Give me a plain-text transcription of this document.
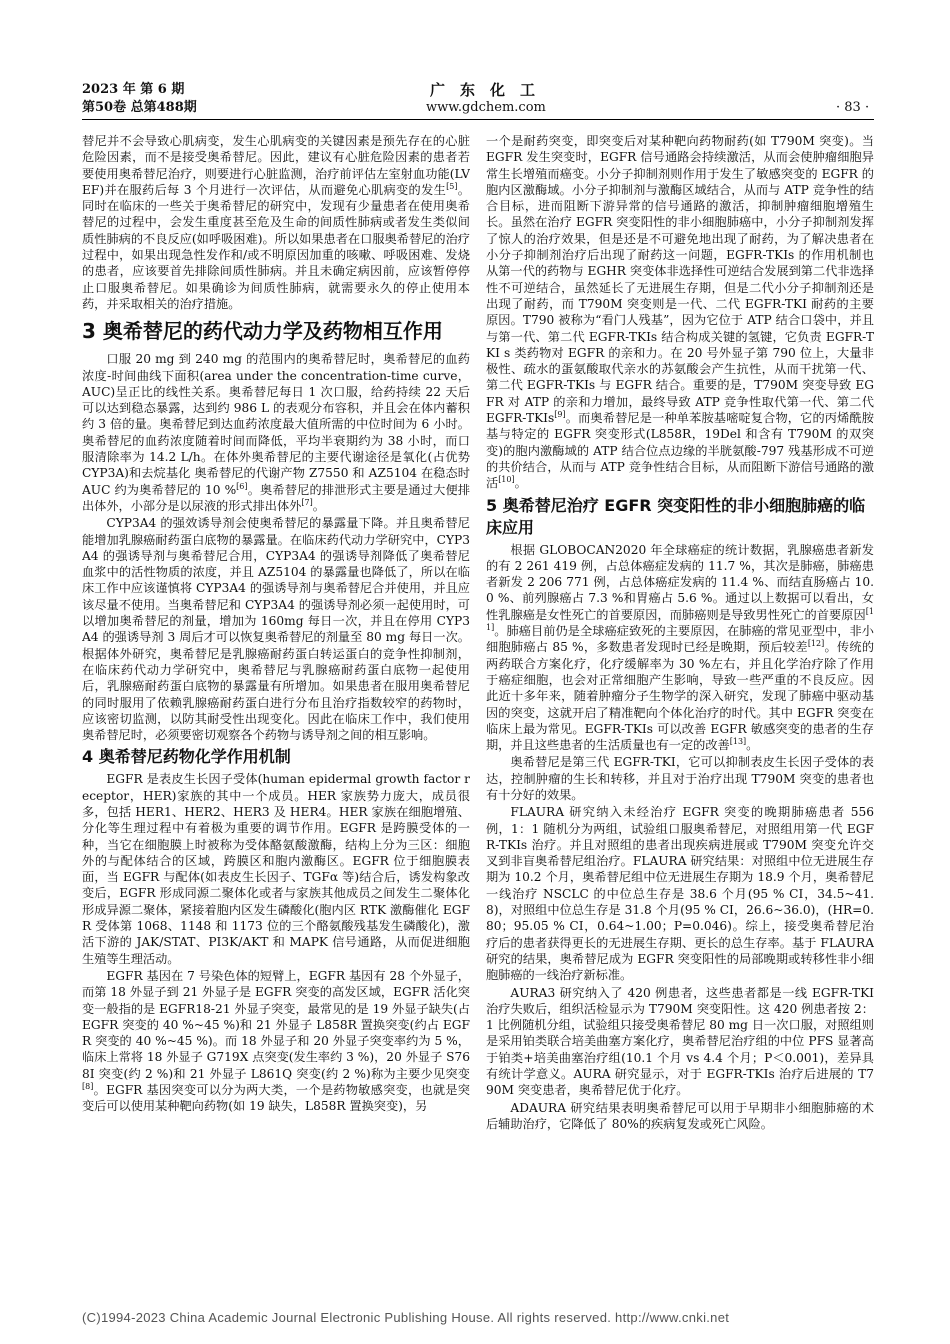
2023 年 第 6 期
第50卷 总第488期
广　东　化　工
www.gdchem.com	· 83 ·

替尼并不会导致心肌病变，发生心肌病变的关键因素是预先存在的心脏危险因素，而不是接受奥希替尼。因此，建议有心脏危险因素的患者若要使用奥希替尼治疗，则要进行心脏监测，治疗前评估左室射血功能(LVEF)并在服药后每 3 个月进行一次评估，从而避免心肌病变的发生[5]。同时在临床的一些关于奥希替尼的研究中，发现有少量患者在使用奥希替尼的过程中，会发生重度甚至危及生命的间质性肺病或者发生类似间质性肺病的不良反应(如呼吸困难)。所以如果患者在口服奥希替尼的治疗过程中，如果出现急性发作和/或不明原因加重的咳嗽、呼吸困难、发烧的患者，应该要首先排除间质性肺病。并且未确定病因前，应该暂停停止口服奥希替尼。如果确诊为间质性肺病，就需要永久的停止使用本药，并采取相关的治疗措施。

3 奥希替尼的药代动力学及药物相互作用

口服 20 mg 到 240 mg 的范围内的奥希替尼时，奥希替尼的血药浓度-时间曲线下面积(area under the concentration-time curve，AUC)呈正比的线性关系。奥希替尼每日 1 次口服，给药持续 22 天后可以达到稳态暴露，达到约 986 L 的表观分布容积，并且会在体内蓄积约 3 倍的量。奥希替尼到达血药浓度最大值所需的中位时间为 6 小时。奥希替尼的血药浓度随着时间而降低，平均半衰期约为 38 小时，而口服清除率为 14.2 L/h。在体外奥希替尼的主要代谢途径是氧化(占优势 CYP3A)和去烷基化 奥希替尼的代谢产物 Z7550 和 AZ5104 在稳态时 AUC 约为奥希替尼的 10 %[6]。奥希替尼的排泄形式主要是通过大便排出体外，小部分是以尿液的形式排出体外[7]。

CYP3A4 的强效诱导剂会使奥希替尼的暴露量下降。并且奥希替尼能增加乳腺癌耐药蛋白底物的暴露量。在临床药代动力学研究中，CYP3A4 的强诱导剂与奥希替尼合用，CYP3A4 的强诱导剂降低了奥希替尼血浆中的活性物质的浓度，并且 AZ5104 的暴露量也降低了，所以在临床工作中应该谨慎将 CYP3A4 的强诱导剂与奥希替尼合并使用，并且应该尽量不使用。当奥希替尼和 CYP3A4 的强诱导剂必须一起使用时，可以增加奥希替尼的剂量，增加为 160mg 每日一次，并且在停用 CYP3A4 的强诱导剂 3 周后才可以恢复奥希替尼的剂量至 80 mg 每日一次。根据体外研究，奥希替尼是乳腺癌耐药蛋白转运蛋白的竞争性抑制剂，在临床药代动力学研究中，奥希替尼与乳腺癌耐药蛋白底物一起使用后，乳腺癌耐药蛋白底物的暴露量有所增加。如果患者在服用奥希替尼的同时服用了依赖乳腺癌耐药蛋白进行分布且治疗指数较窄的药物时，应该密切监测，以防其耐受性出现变化。因此在临床工作中，我们使用奥希替尼时，必须要密切观察各个药物与诱导剂之间的相互影响。

4 奥希替尼药物化学作用机制

EGFR 是表皮生长因子受体(human epidermal growth factor receptor，HER)家族的其中一个成员。HER 家族势力庞大，成员很多，包括 HER1、HER2、HER3 及 HER4。HER 家族在细胞增殖、分化等生理过程中有着极为重要的调节作用。EGFR 是跨膜受体的一种，当它在细胞膜上时被称为受体酪氨酸激酶，结构上分为三区：细胞外的与配体结合的区域，跨膜区和胞内激酶区。EGFR 位于细胞膜表面，当 EGFR 与配体(如表皮生长因子、TGFα 等)结合后，诱发构象改变后，EGFR 形成同源二聚体化或者与家族其他成员之间发生二聚体化形成异源二聚体，紧接着胞内区发生磷酸化(胞内区 RTK 激酶催化 EGFR 受体第 1068、1148 和 1173 位的三个酪氨酸残基发生磷酸化)，激活下游的 JAK/STAT、PI3K/AKT 和 MAPK 信号通路，从而促进细胞生殖等生理活动。

EGFR 基因在 7 号染色体的短臂上，EGFR 基因有 28 个外显子，而第 18 外显子到 21 外显子是 EGFR 突变的高发区域，EGFR 活化突变一般指的是 EGFR18-21 外显子突变，最常见的是 19 外显子缺失(占 EGFR 突变的 40 %~45 %)和 21 外显子 L858R 置换突变(约占 EGFR 突变的 40 %~45 %)。而 18 外显子和 20 外显子突变率约为 5 %，临床上常将 18 外显子 G719X 点突变(发生率约 3 %)，20 外显子 S768I 突变(约 2 %)和 21 外显子 L861Q 突变(约 2 %)称为主要少见突变[8]。EGFR 基因突变可以分为两大类，一个是药物敏感突变，也就是突变后可以使用某种靶向药物(如 19 缺失，L858R 置换突变)，另

一个是耐药突变，即突变后对某种靶向药物耐药(如 T790M 突变)。当 EGFR 发生突变时，EGFR 信号通路会持续激活，从而会使肿瘤细胞异常生长增殖而癌变。小分子抑制剂则作用于发生了敏感突变的 EGFR 的胞内区激酶域。小分子抑制剂与激酶区域结合，从而与 ATP 竞争性的结合目标，进而阻断下游异常的信号通路的激活，抑制肿瘤细胞增殖生长。虽然在治疗 EGFR 突变阳性的非小细胞肺癌中，小分子抑制剂发挥了惊人的治疗效果，但是还是不可避免地出现了耐药，为了解决患者在小分子抑制剂治疗后出现了耐药这一问题，EGFR-TKIs 的作用机制也从第一代的药物与 EGHR 突变体非选择性可逆结合发展到第二代非选择性不可逆结合，虽然延长了无进展生存期，但是二代小分子抑制剂还是出现了耐药，而 T790M 突变则是一代、二代 EGFR-TKI 耐药的主要原因。T790 被称为“看门人残基”，因为它位于 ATP 结合口袋中，并且与第一代、第二代 EGFR-TKIs 结合构成关键的氢键，它负责 EGFR-TKI s 类药物对 EGFR 的亲和力。在 20 号外显子第 790 位上，大量非极性、疏水的蛋氨酸取代亲水的苏氨酸会产生抗性，从而干扰第一代、第二代 EGFR-TKIs 与 EGFR 结合。重要的是，T790M 突变导致 EGFR 对 ATP 的亲和力增加，最终导致 ATP 竞争性取代第一代、第二代 EGFR-TKIs[9]。而奥希替尼是一种单苯胺基嘧啶复合物，它的丙烯酰胺基与特定的 EGFR 突变形式(L858R，19Del 和含有 T790M 的双突变)的胞内激酶域的 ATP 结合位点边缘的半胱氨酸-797 残基形成不可逆的共价结合，从而与 ATP 竞争性结合目标，从而阻断下游信号通路的激活[10]。

5 奥希替尼治疗 EGFR 突变阳性的非小细胞肺癌的临床应用

根据 GLOBOCAN2020 年全球癌症的统计数据，乳腺癌患者新发的有 2 261 419 例，占总体癌症发病的 11.7 %，其次是肺癌，肺癌患者新发 2 206 771 例，占总体癌症发病的 11.4 %、而结直肠癌占 10.0 %、前列腺癌占 7.3 %和胃癌占 5.6 %。通过以上数据可以看出，女性乳腺癌是女性死亡的首要原因，而肺癌则是导致男性死亡的首要原因[11]。肺癌目前仍是全球癌症致死的主要原因，在肺癌的常见亚型中，非小细胞肺癌占 85 %，多数患者发现时已经是晚期，预后较差[12]。传统的两药联合方案化疗，化疗缓解率为 30 %左右，并且化学治疗除了作用于癌症细胞，也会对正常细胞产生影响，导致一些严重的不良反应。因此近十多年来，随着肿瘤分子生物学的深入研究，发现了肺癌中驱动基因的突变，这就开启了精准靶向个体化治疗的时代。其中 EGFR 突变在临床上最为常见。EGFR-TKIs 可以改善 EGFR 敏感突变的患者的生存期，并且这些患者的生活质量也有一定的改善[13]。

奥希替尼是第三代 EGFR-TKI，它可以抑制表皮生长因子受体的表达，控制肿瘤的生长和转移，并且对于治疗出现 T790M 突变的患者也有十分好的效果。

FLAURA 研究纳入未经治疗 EGFR 突变的晚期肺癌患者 556 例，1：1 随机分为两组，试验组口服奥希替尼，对照组用第一代 EGFR-TKIs 治疗。并且对照组的患者出现疾病进展或 T790M 突变允许交叉到非盲奥希替尼组治疗。FLAURA 研究结果：对照组中位无进展生存期为 10.2 个月，奥希替尼组中位无进展生存期为 18.9 个月，奥希替尼一线治疗 NSCLC 的中位总生存是 38.6 个月(95 % CI，34.5~41.8)，对照组中位总生存是 31.8 个月(95 % CI，26.6~36.0)，(HR=0.80；95.05 % CI，0.64~1.00；P=0.046)。综上，接受奥希替尼治疗后的患者获得更长的无进展生存期、更长的总生存率。基于 FLAURA 研究的结果，奥希替尼成为 EGFR 突变阳性的局部晚期或转移性非小细胞肺癌的一线治疗新标准。

AURA3 研究纳入了 420 例患者，这些患者都是一线 EGFR-TKI 治疗失败后，组织活检显示为 T790M 突变阳性。这 420 例患者按 2：1 比例随机分组，试验组只接受奥希替尼 80 mg 日一次口服，对照组则是采用铂类联合培美曲塞方案化疗，奥希替尼治疗组的中位 PFS 显著高于铂类+培美曲塞治疗组(10.1 个月 vs 4.4 个月；P＜0.001)，差异具有统计学意义。AURA 研究显示，对于 EGFR-TKIs 治疗后进展的 T790M 突变患者，奥希替尼优于化疗。

ADAURA 研究结果表明奥希替尼可以用于早期非小细胞肺癌的术后辅助治疗，它降低了 80%的疾病复发或死亡风险。

(C)1994-2023 China Academic Journal Electronic Publishing House. All rights reserved. http://www.cnki.net
